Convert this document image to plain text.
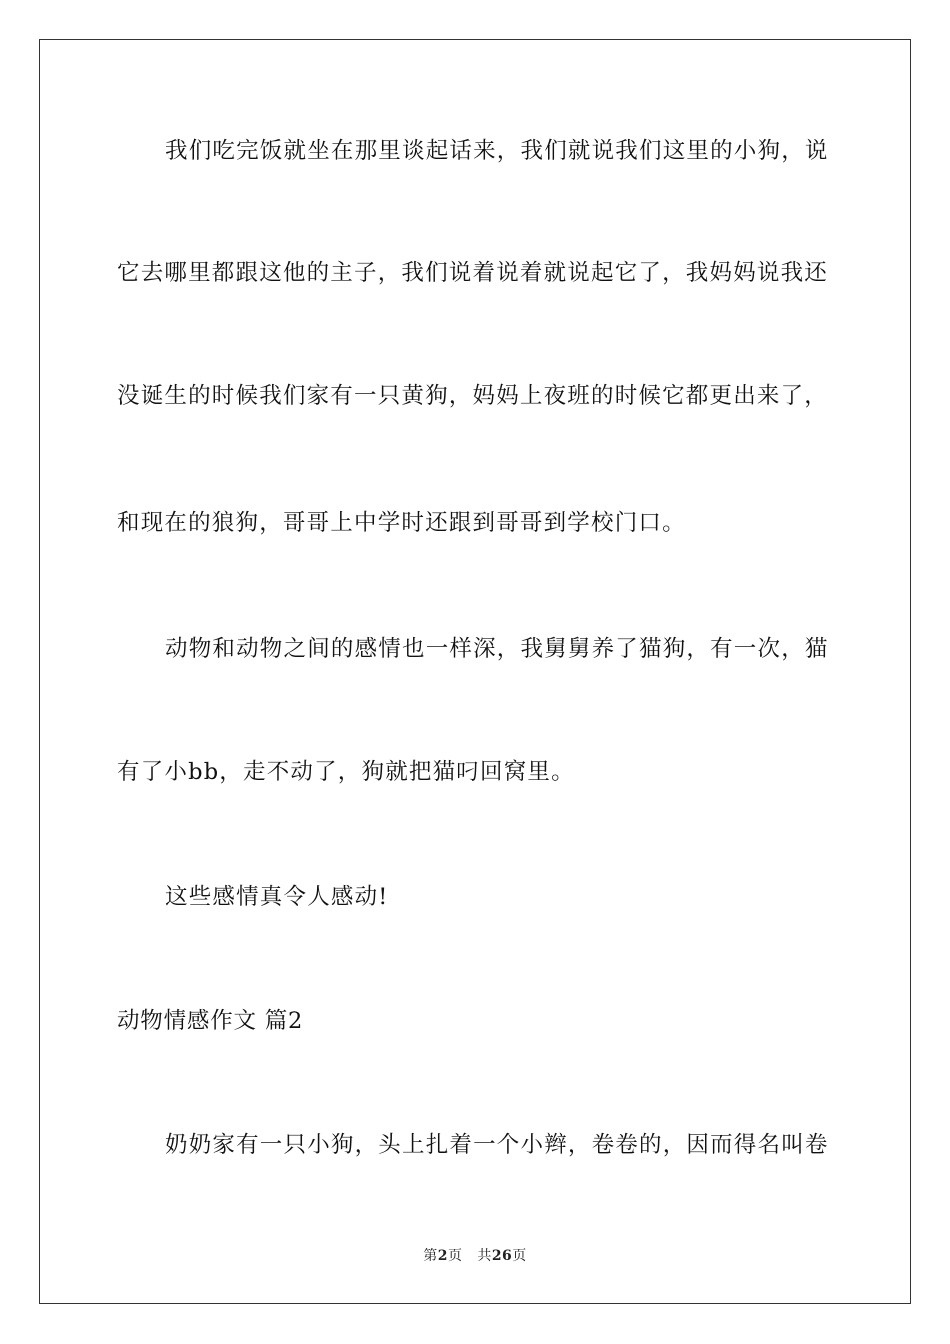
我们吃完饭就坐在那里谈起话来，我们就说我们这里的小狗，说
它去哪里都跟这他的主子，我们说着说着就说起它了，我妈妈说我还
没诞生的时候我们家有一只黄狗，妈妈上夜班的时候它都更出来了，
和现在的狼狗，哥哥上中学时还跟到哥哥到学校门口。
动物和动物之间的感情也一样深，我舅舅养了猫狗，有一次，猫
有了小bb，走不动了，狗就把猫叼回窝里。
这些感情真令人感动!
动物情感作文 篇2
奶奶家有一只小狗，头上扎着一个小辫，卷卷的，因而得名叫卷
第2页 共26页
